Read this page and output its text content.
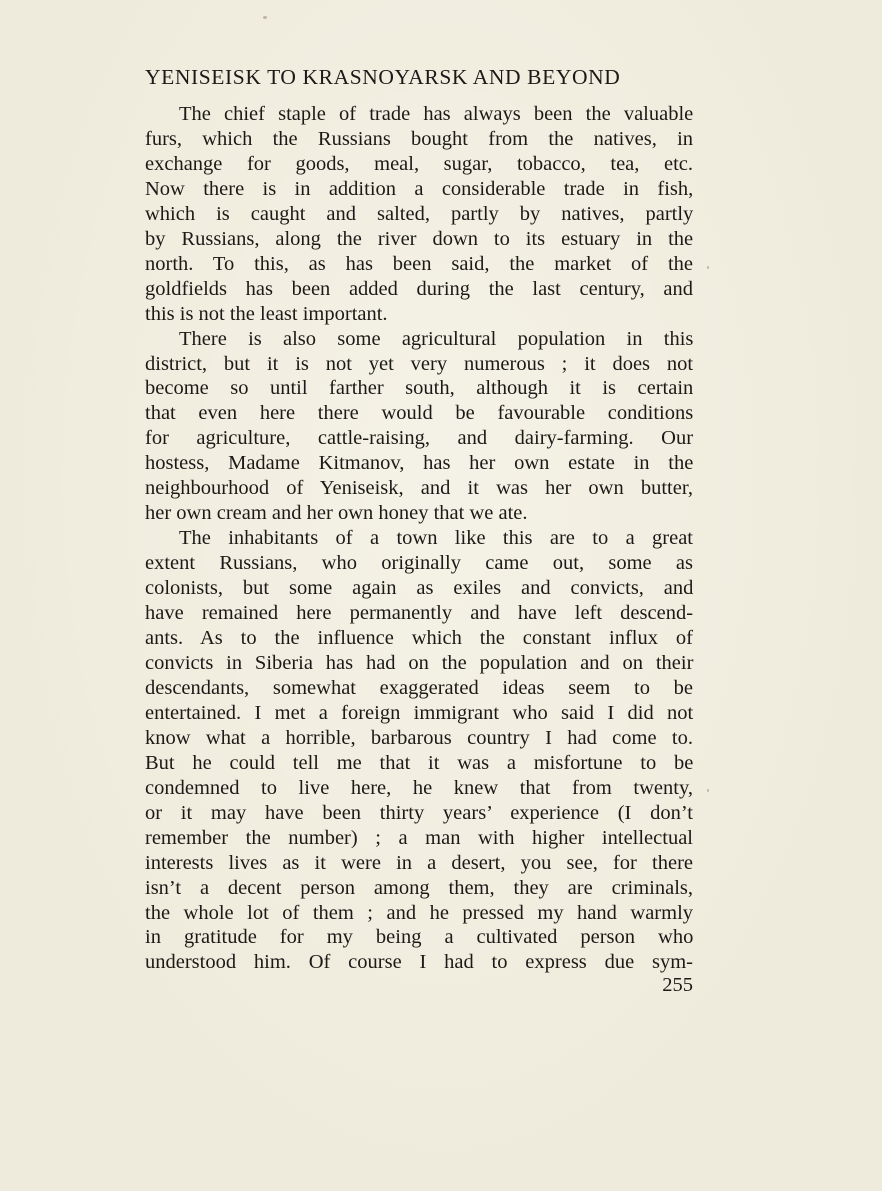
YENISEISK TO KRASNOYARSK AND BEYOND

The chief staple of trade has always been the valuable
furs, which the Russians bought from the natives, in
exchange for goods, meal, sugar, tobacco, tea, etc.
Now there is in addition a considerable trade in fish,
which is caught and salted, partly by natives, partly
by Russians, along the river down to its estuary in the
north. To this, as has been said, the market of the
goldfields has been added during the last century, and
this is not the least important.

There is also some agricultural population in this
district, but it is not yet very numerous ; it does not
become so until farther south, although it is certain
that even here there would be favourable conditions
for agriculture, cattle-raising, and dairy-farming. Our
hostess, Madame Kitmanov, has her own estate in the
neighbourhood of Yeniseisk, and it was her own butter,
her own cream and her own honey that we ate.

The inhabitants of a town like this are to a great
extent Russians, who originally came out, some as
colonists, but some again as exiles and convicts, and
have remained here permanently and have left descend-
ants. As to the influence which the constant influx of
convicts in Siberia has had on the population and on their
descendants, somewhat exaggerated ideas seem to be
entertained. I met a foreign immigrant who said I did not
know what a horrible, barbarous country I had come to.
But he could tell me that it was a misfortune to be
condemned to live here, he knew that from twenty,
or it may have been thirty years’ experience (I don’t
remember the number) ; a man with higher intellectual
interests lives as it were in a desert, you see, for there
isn’t a decent person among them, they are criminals,
the whole lot of them ; and he pressed my hand warmly
in gratitude for my being a cultivated person who
understood him. Of course I had to express due sym-

255
